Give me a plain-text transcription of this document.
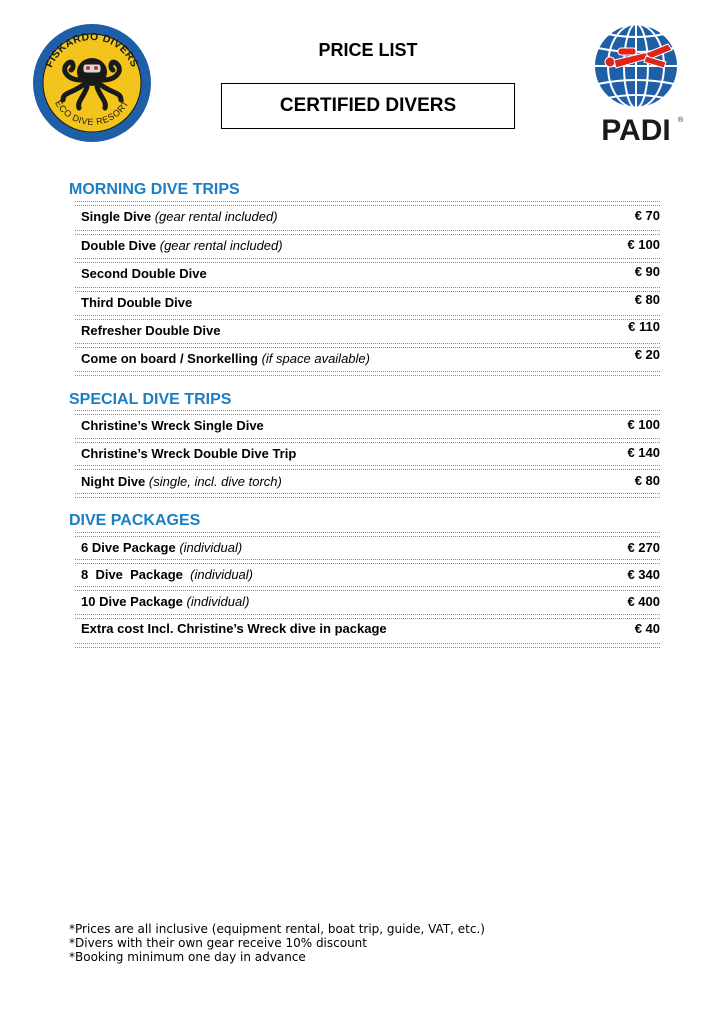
FISKARDO DIVERS
ECO DIVE RESORT
PADI ®
PRICE LIST
CERTIFIED DIVERS
MORNING DIVE TRIPS
Single Dive (gear rental included)	€ 70
Double Dive (gear rental included)	€ 100
Second Double Dive	€ 90
Third Double Dive	€ 80
Refresher Double Dive	€ 110
Come on board / Snorkelling (if space available)	€ 20
SPECIAL DIVE TRIPS
Christine’s Wreck Single Dive	€ 100
Christine’s Wreck Double Dive Trip	€ 140
Night Dive (single, incl. dive torch)	€ 80
DIVE PACKAGES
6 Dive Package (individual)	€ 270
8  Dive  Package  (individual)	€ 340
10 Dive Package (individual)	€ 400
Extra cost Incl. Christine’s Wreck dive in package	€ 40
*Prices are all inclusive (equipment rental, boat trip, guide, VAT, etc.)
*Divers with their own gear receive 10% discount
*Booking minimum one day in advance
